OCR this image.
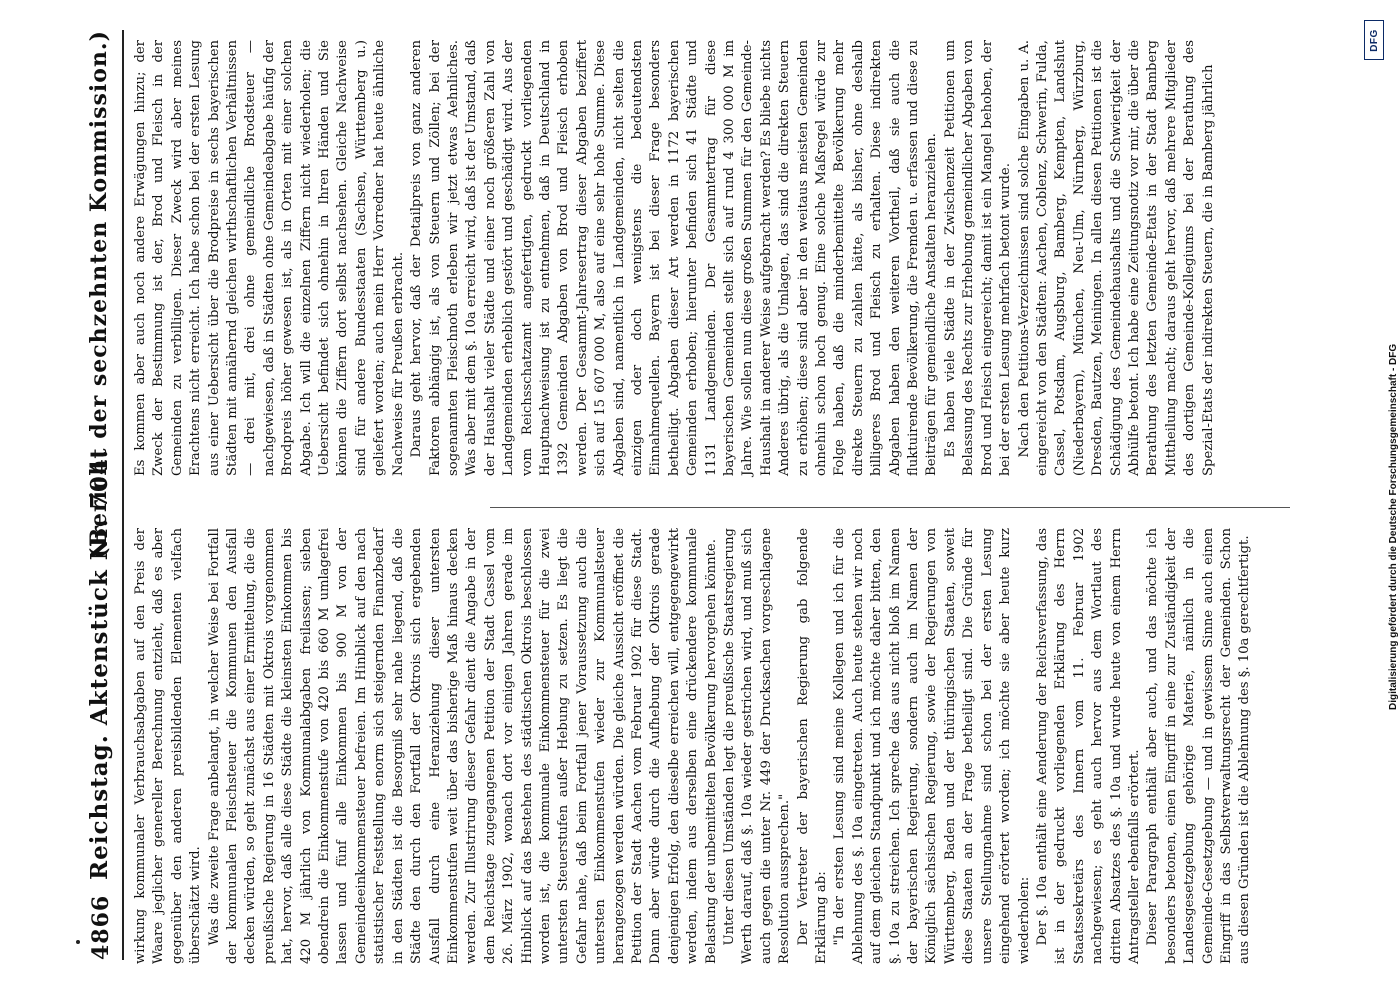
4866
Reichstag. Aktenstück Nr. 704.
(Bericht der sechzehnten Kommission.)

wirkung kommunaler Verbrauchsabgaben auf den Preis der Waare jeglicher genereller Berechnung entzieht, daß es aber gegenüber den anderen preisbildenden Elementen vielfach überschätzt wird. Was die zweite Frage anbelangt, in welcher Weise bei Fortfall der kommunalen Fleischsteuer die Kommunen den Ausfall decken würden, so geht zunächst aus einer Ermittelung, die die preußische Regierung in 16 Städten mit Oktrois vorgenommen hat, hervor, daß alle diese Städte die kleinsten Einkommen bis 420 M jährlich von Kommunalabgaben freilassen; sieben obendrein die Einkommenstufe von 420 bis 660 M umlagefrei lassen und fünf alle Einkommen bis 900 M von der Gemeindeeinkommensteuer befreien. Im Hinblick auf den nach statistischer Feststellung enorm sich steigernden Finanzbedarf in den Städten ist die Besorgniß sehr nahe liegend, daß die Städte den durch den Fortfall der Oktrois sich ergebenden Ausfall durch eine Heranziehung dieser untersten Einkommenstufen weit über das bisherige Maß hinaus decken werden. Zur Illustrirung dieser Gefahr dient die Angabe in der dem Reichstage zugegangenen Petition der Stadt Cassel vom 26. März 1902, wonach dort vor einigen Jahren gerade im Hinblick auf das Bestehen des städtischen Oktrois beschlossen worden ist, die kommunale Einkommensteuer für die zwei untersten Steuerstufen außer Hebung zu setzen. Es liegt die Gefahr nahe, daß beim Fortfall jener Voraussetzung auch die untersten Einkommenstufen wieder zur Kommunalsteuer herangezogen werden würden. Die gleiche Aussicht eröffnet die Petition der Stadt Aachen vom Februar 1902 für diese Stadt. Dann aber würde durch die Aufhebung der Oktrois gerade denjenigen Erfolg, den dieselbe erreichen will, entgegengewirkt werden, indem aus derselben eine drückendere kommunale Belastung der unbemittelten Bevölkerung hervorgehen könnte. Unter diesen Umständen legt die preußische Staatsregierung Werth darauf, daß §. 10a wieder gestrichen wird, und muß sich auch gegen die unter Nr. 449 der Drucksachen vorgeschlagene Resolution aussprechen." Der Vertreter der bayerischen Regierung gab folgende Erklärung ab: "In der ersten Lesung sind meine Kollegen und ich für die Ablehnung des §. 10a eingetreten. Auch heute stehen wir noch auf dem gleichen Standpunkt und ich möchte daher bitten, den §. 10a zu streichen. Ich spreche das aus nicht bloß im Namen der bayerischen Regierung, sondern auch im Namen der Königlich sächsischen Regierung, sowie der Regierungen von Württemberg, Baden und der thüringischen Staaten, soweit diese Staaten an der Frage betheiligt sind. Die Gründe für unsere Stellungnahme sind schon bei der ersten Lesung eingehend erörtert worden; ich möchte sie aber heute kurz wiederholen: Der §. 10a enthält eine Aenderung der Reichsverfassung, das ist in der gedruckt vorliegenden Erklärung des Herrn Staatssekretärs des Innern vom 11. Februar 1902 nachgewiesen; es geht auch hervor aus dem Wortlaut des dritten Absatzes des §. 10a und wurde heute von einem Herrn Antragsteller ebenfalls erörtert. Dieser Paragraph enthält aber auch, und das möchte ich besonders betonen, einen Eingriff in eine zur Zuständigkeit der Landesgesetzgebung gehörige Materie, nämlich in die Gemeinde-Gesetzgebung — und in gewissem Sinne auch einen Eingriff in das Selbstverwaltungsrecht der Gemeinden. Schon aus diesen Gründen ist die Ablehnung des §. 10a gerechtfertigt.

Es kommen aber auch noch andere Erwägungen hinzu; der Zweck der Bestimmung ist der, Brod und Fleisch in der Gemeinden zu verbilligen. Dieser Zweck wird aber meines Erachtens nicht erreicht. Ich habe schon bei der ersten Lesung aus einer Uebersicht über die Brodpreise in sechs bayerischen Städten mit annähernd gleichen wirthschaftlichen Verhältnissen — drei mit, drei ohne gemeindliche Brodsteuer — nachgewiesen, daß in Städten ohne Gemeindeabgabe häufig der Brodpreis höher gewesen ist, als in Orten mit einer solchen Abgabe. Ich will die einzelnen Ziffern nicht wiederholen; die Uebersicht befindet sich ohnehin in Ihren Händen und Sie können die Ziffern dort selbst nachsehen. Gleiche Nachweise sind für andere Bundesstaaten (Sachsen, Württemberg u.) geliefert worden; auch mein Herr Vorredner hat heute ähnliche Nachweise für Preußen erbracht. Daraus geht hervor, daß der Detailpreis von ganz anderen Faktoren abhängig ist, als von Steuern und Zöllen; bei der sogenannten Fleischnoth erleben wir jetzt etwas Aehnliches. Was aber mit dem §. 10a erreicht wird, daß ist der Umstand, daß der Haushalt vieler Städte und einer noch größeren Zahl von Landgemeinden erheblich gestört und geschädigt wird. Aus der vom Reichsschatzamt angefertigten, gedruckt vorliegenden Hauptnachweisung ist zu entnehmen, daß in Deutschland in 1392 Gemeinden Abgaben von Brod und Fleisch erhoben werden. Der Gesammt-Jahresertrag dieser Abgaben beziffert sich auf 15 607 000 M, also auf eine sehr hohe Summe. Diese Abgaben sind, namentlich in Landgemeinden, nicht selten die einzigen oder doch wenigstens die bedeutendsten Einnahmequellen. Bayern ist bei dieser Frage besonders betheiligt. Abgaben dieser Art werden in 1172 bayerischen Gemeinden erhoben; hierunter befinden sich 41 Städte und 1131 Landgemeinden. Der Gesammtertrag für diese bayerischen Gemeinden stellt sich auf rund 4 300 000 M im Jahre. Wie sollen nun diese großen Summen für den Gemeinde-Haushalt in anderer Weise aufgebracht werden? Es bliebe nichts Anderes übrig, als die Umlagen, das sind die direkten Steuern zu erhöhen; diese sind aber in den weitaus meisten Gemeinden ohnehin schon hoch genug. Eine solche Maßregel würde zur Folge haben, daß die minderbemittelte Bevölkerung mehr direkte Steuern zu zahlen hätte, als bisher, ohne deshalb billigeres Brod und Fleisch zu erhalten. Diese indirekten Abgaben haben den weiteren Vortheil, daß sie auch die fluktuirende Bevölkerung, die Fremden u. erfassen und diese zu Beiträgen für gemeindliche Anstalten heranziehen. Es haben viele Städte in der Zwischenzeit Petitionen um Belassung des Rechts zur Erhebung gemeindlicher Abgaben von Brod und Fleisch eingereicht; damit ist ein Mangel behoben, der bei der ersten Lesung mehrfach betont wurde. Nach den Petitions-Verzeichnissen sind solche Eingaben u. A. eingereicht von den Städten: Aachen, Coblenz, Schwerin, Fulda, Cassel, Potsdam, Augsburg, Bamberg, Kempten, Landshut (Niederbayern), München, Neu-Ulm, Nürnberg, Würzburg, Dresden, Bautzen, Meiningen. In allen diesen Petitionen ist die Schädigung des Gemeindehaushalts und die Schwierigkeit der Abhülfe betont. Ich habe eine Zeitungsnotiz vor mir, die über die Berathung des letzten Gemeinde-Etats in der Stadt Bamberg Mittheilung macht; daraus geht hervor, daß mehrere Mitglieder des dortigen Gemeinde-Kollegiums bei der Berathung des Spezial-Etats der indirekten Steuern, die in Bamberg jährlich

DFG
Digitalisierung gefördert durch die Deutsche Forschungsgemeinschaft - DFG
